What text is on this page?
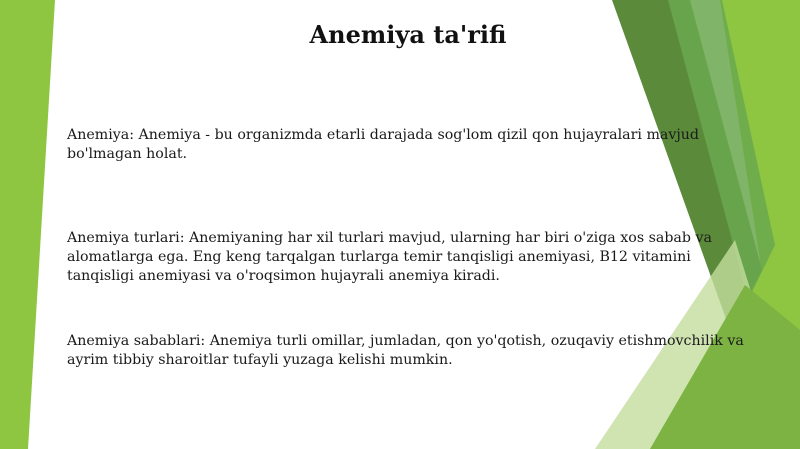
Anemiya ta'rifi

Anemiya: Anemiya - bu organizmda etarli darajada sog'lom qizil qon hujayralari mavjud bo'lmagan holat.

Anemiya turlari: Anemiyaning har xil turlari mavjud, ularning har biri o'ziga xos sabab va alomatlarga ega. Eng keng tarqalgan turlarga temir tanqisligi anemiyasi, B12 vitamini tanqisligi anemiyasi va o'roqsimon hujayrali anemiya kiradi.

Anemiya sabablari: Anemiya turli omillar, jumladan, qon yo'qotish, ozuqaviy etishmovchilik va ayrim tibbiy sharoitlar tufayli yuzaga kelishi mumkin.
